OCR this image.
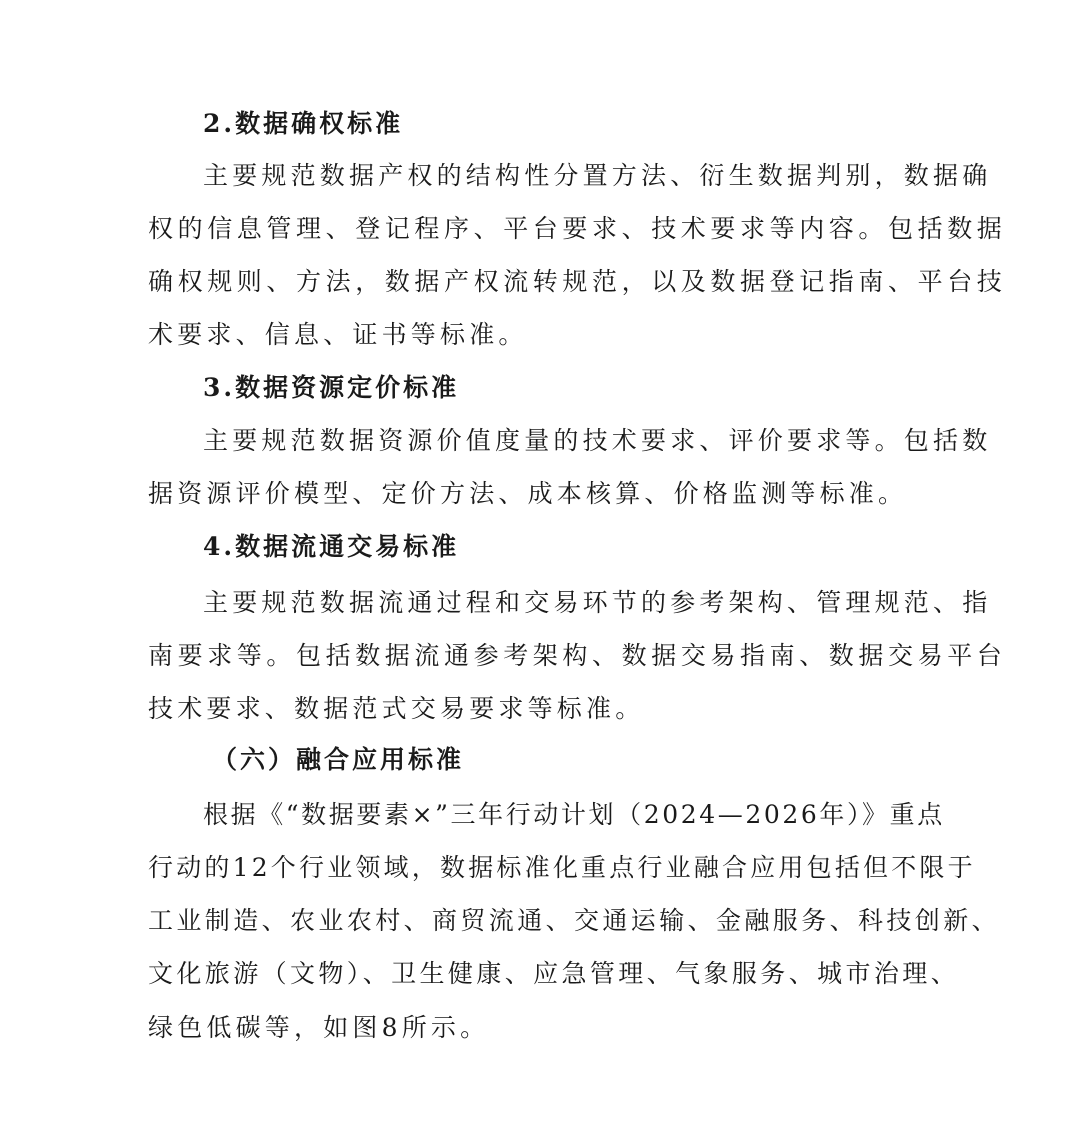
2.数据确权标准
主要规范数据产权的结构性分置方法、衍生数据判别，数据确
权的信息管理、登记程序、平台要求、技术要求等内容。包括数据
确权规则、方法，数据产权流转规范，以及数据登记指南、平台技
术要求、信息、证书等标准。
3.数据资源定价标准
主要规范数据资源价值度量的技术要求、评价要求等。包括数
据资源评价模型、定价方法、成本核算、价格监测等标准。
4.数据流通交易标准
主要规范数据流通过程和交易环节的参考架构、管理规范、指
南要求等。包括数据流通参考架构、数据交易指南、数据交易平台
技术要求、数据范式交易要求等标准。
（六）融合应用标准
根据《“数据要素×”三年行动计划（2024—2026年）》重点
行动的12个行业领域，数据标准化重点行业融合应用包括但不限于
工业制造、农业农村、商贸流通、交通运输、金融服务、科技创新、
文化旅游（文物）、卫生健康、应急管理、气象服务、城市治理、
绿色低碳等，如图8所示。
